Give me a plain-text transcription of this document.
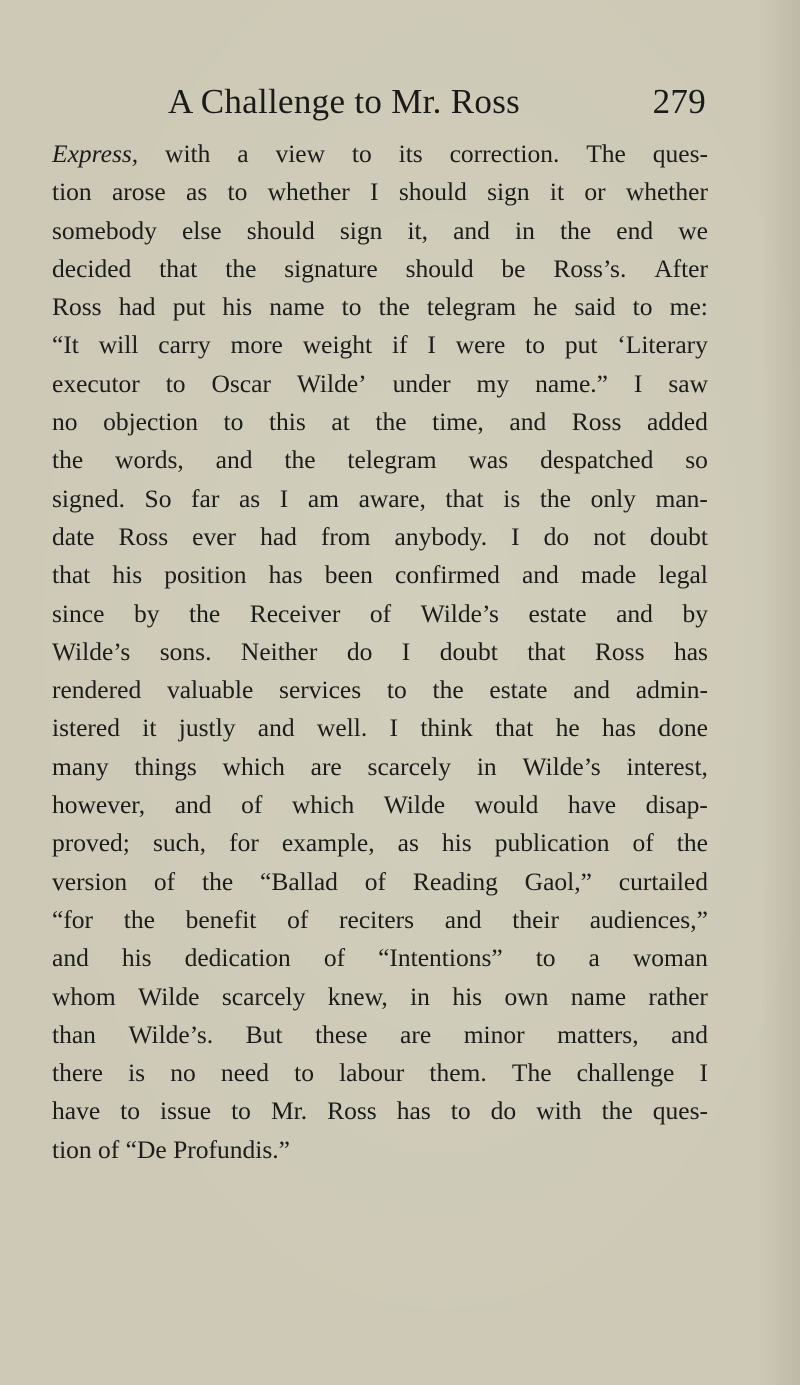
A Challenge to Mr. Ross	279
Express, with a view to its correction. The ques-
tion arose as to whether I should sign it or whether
somebody else should sign it, and in the end we
decided that the signature should be Ross’s. After
Ross had put his name to the telegram he said to me:
“It will carry more weight if I were to put ‘Literary
executor to Oscar Wilde’ under my name.” I saw
no objection to this at the time, and Ross added
the words, and the telegram was despatched so
signed. So far as I am aware, that is the only man-
date Ross ever had from anybody. I do not doubt
that his position has been confirmed and made legal
since by the Receiver of Wilde’s estate and by
Wilde’s sons. Neither do I doubt that Ross has
rendered valuable services to the estate and admin-
istered it justly and well. I think that he has done
many things which are scarcely in Wilde’s interest,
however, and of which Wilde would have disap-
proved; such, for example, as his publication of the
version of the “Ballad of Reading Gaol,” curtailed
“for the benefit of reciters and their audiences,”
and his dedication of “Intentions” to a woman
whom Wilde scarcely knew, in his own name rather
than Wilde’s. But these are minor matters, and
there is no need to labour them. The challenge I
have to issue to Mr. Ross has to do with the ques-
tion of “De Profundis.”
